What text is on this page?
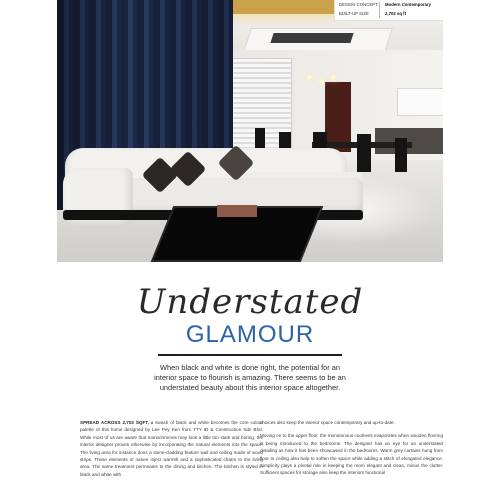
DESIGN CONCEPT Modern Contemporary
BUILT-UP SIZE	2,702 sq ft
Understated
GLAMOUR
When black and white is done right, the potential for an interior space to flourish is amazing. There seems to be an understated beauty about this interior space altogether.

SPREAD ACROSS 2,702 SQFT, a swash of black and white becomes the core colour palette of this home designed by Lee Pey Ken from TTY ID & Construction Sdn Bhd. While most of us are aware that monochromes may look a little too stark and boring, the interior designer proves otherwise by incorporating the natural elements into the space. The living area for instance dons a stone-cladding feature wall and ceiling made of wood strips. These elements of nature inject warmth and a sophisticated charm to the living area. The same treatment permeates to the dining and kitchen. The kitchen is styled in black and white with

choices also keep the interior space contemporary and up-to-date.

Moving on to the upper floor, the monotonous coolness evaporates when wooden flooring is being introduced to the bedrooms. The designer has an eye for an understated detailing as how it has been showcased in the bedrooms. Warm grey curtains hung from floor to ceiling also help to soften the space while adding a stitch of elongated elegance. Simplicity plays a pivotal role in keeping the room elegant and clean, minus the clutter. Sufficient spaces for storage also keep the interiors functional
